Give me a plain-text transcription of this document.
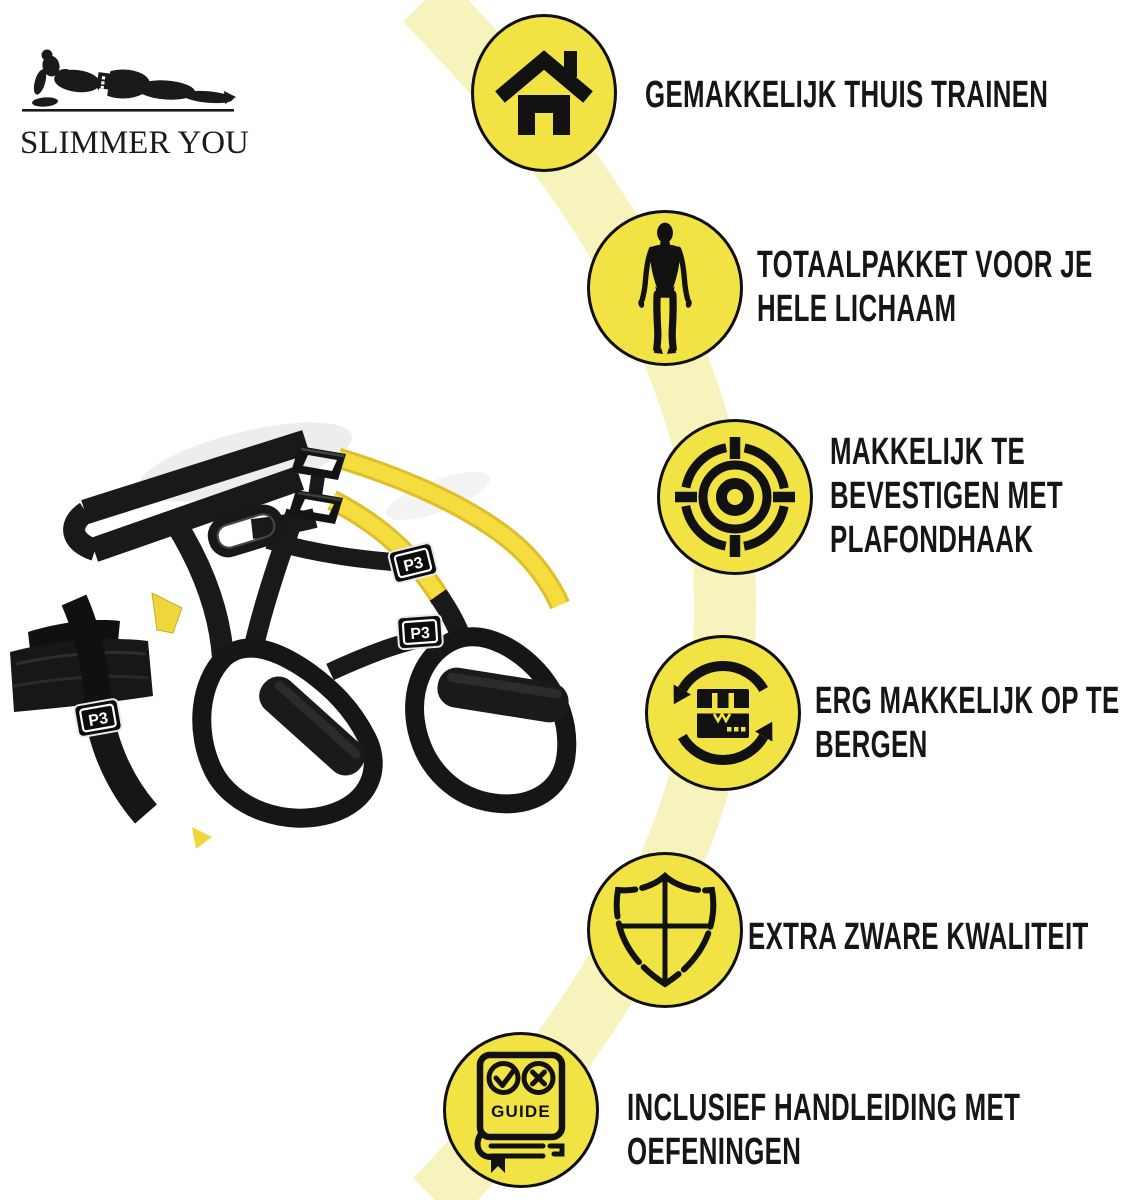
SLIMMER YOU
P3
P3
P3
GEMAKKELIJK THUIS TRAINEN
TOTAALPAKKET VOOR JE
HELE LICHAAM
MAKKELIJK TE
BEVESTIGEN MET
PLAFONDHAAK
ERG MAKKELIJK OP TE
BERGEN
EXTRA ZWARE KWALITEIT
GUIDE INCLUSIEF HANDLEIDING MET
OEFENINGEN
